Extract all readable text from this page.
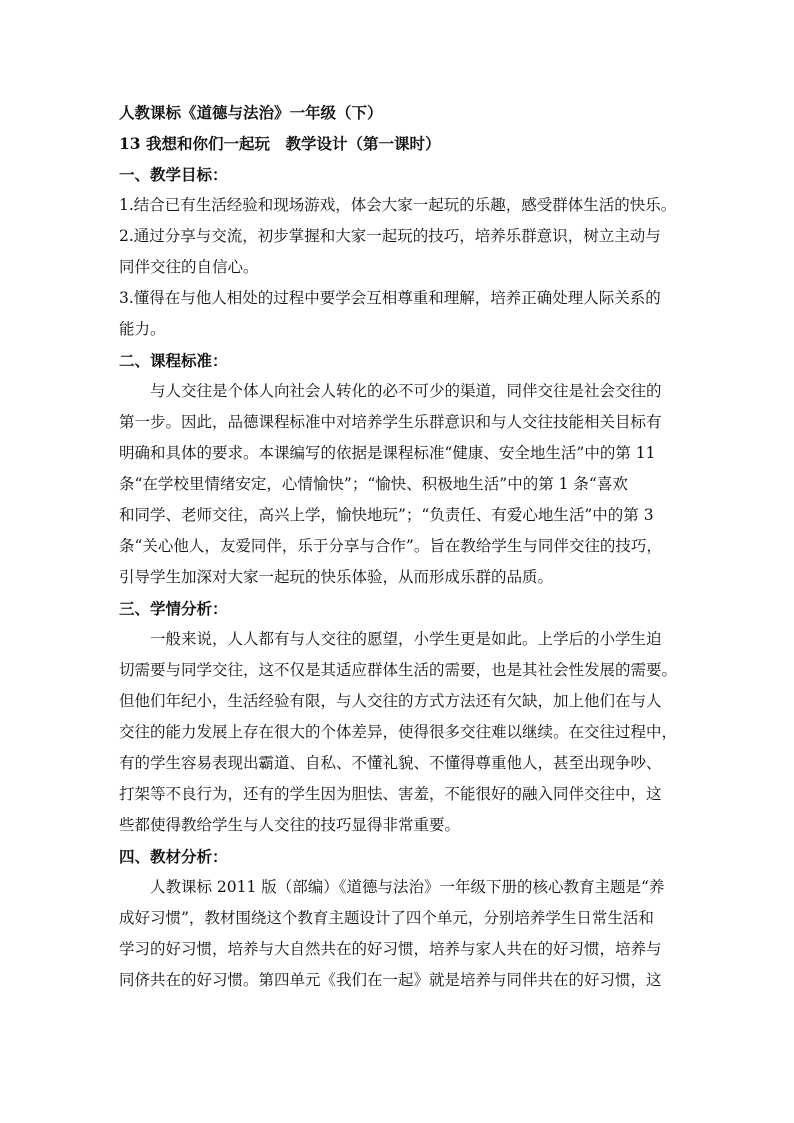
人教课标《道德与法治》一年级（下）
13 我想和你们一起玩　教学设计（第一课时）
一、教学目标：
1.结合已有生活经验和现场游戏，体会大家一起玩的乐趣，感受群体生活的快乐。
2.通过分享与交流，初步掌握和大家一起玩的技巧，培养乐群意识，树立主动与
同伴交往的自信心。
3.懂得在与他人相处的过程中要学会互相尊重和理解，培养正确处理人际关系的
能力。
二、课程标准：
与人交往是个体人向社会人转化的必不可少的渠道，同伴交往是社会交往的
第一步。因此，品德课程标准中对培养学生乐群意识和与人交往技能相关目标有
明确和具体的要求。本课编写的依据是课程标准“健康、安全地生活”中的第 11
条“在学校里情绪安定，心情愉快”；“愉快、积极地生活”中的第 1 条“喜欢
和同学、老师交往，高兴上学，愉快地玩”；“负责任、有爱心地生活”中的第 3
条“关心他人，友爱同伴，乐于分享与合作”。旨在教给学生与同伴交往的技巧，
引导学生加深对大家一起玩的快乐体验，从而形成乐群的品质。
三、学情分析：
一般来说，人人都有与人交往的愿望，小学生更是如此。上学后的小学生迫
切需要与同学交往，这不仅是其适应群体生活的需要，也是其社会性发展的需要。
但他们年纪小，生活经验有限，与人交往的方式方法还有欠缺，加上他们在与人
交往的能力发展上存在很大的个体差异，使得很多交往难以继续。在交往过程中，
有的学生容易表现出霸道、自私、不懂礼貌、不懂得尊重他人，甚至出现争吵、
打架等不良行为，还有的学生因为胆怯、害羞，不能很好的融入同伴交往中，这
些都使得教给学生与人交往的技巧显得非常重要。
四、教材分析：
人教课标 2011 版（部编）《道德与法治》一年级下册的核心教育主题是“养
成好习惯”，教材围绕这个教育主题设计了四个单元，分别培养学生日常生活和
学习的好习惯，培养与大自然共在的好习惯，培养与家人共在的好习惯，培养与
同侪共在的好习惯。第四单元《我们在一起》就是培养与同伴共在的好习惯，这
